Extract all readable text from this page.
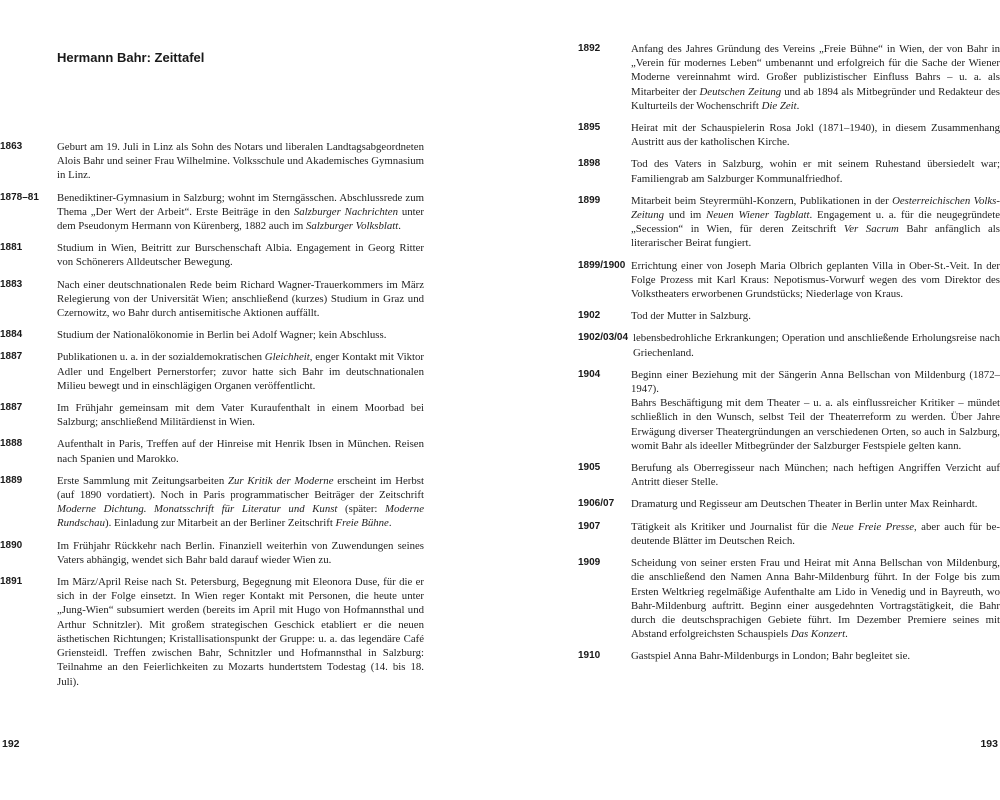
Hermann Bahr: Zeittafel
1863	Geburt am 19. Juli in Linz als Sohn des Notars und liberalen Landtagsabgeordneten Alois Bahr und seiner Frau Wilhelmine. Volksschule und Akademisches Gymnasium in Linz.
1878–81	Benediktiner-Gymnasium in Salzburg; wohnt im Sterngässchen. Abschlussrede zum Thema „Der Wert der Arbeit“. Erste Beiträge in den Salzburger Nachrichten unter dem Pseudonym Hermann von Kürenberg, 1882 auch im Salzburger Volksblatt.
1881	Studium in Wien, Beitritt zur Burschenschaft Albia. Engagement in Georg Ritter von Schönerers Alldeutscher Bewegung.
1883	Nach einer deutschnationalen Rede beim Richard Wagner-Trauerkommers im März Relegierung von der Universität Wien; anschließend (kurzes) Studium in Graz und Czernowitz, wo Bahr durch antisemitische Aktionen auffällt.
1884	Studium der Nationalökonomie in Berlin bei Adolf Wagner; kein Abschluss.
1887	Publikationen u. a. in der sozialdemokratischen Gleichheit, enger Kontakt mit Viktor Adler und Engelbert Pernerstorfer; zuvor hatte sich Bahr im deutschnationalen Milieu bewegt und in einschlägigen Organen veröffentlicht.
1887	Im Frühjahr gemeinsam mit dem Vater Kuraufenthalt in einem Moorbad bei Salzburg; anschließend Militärdienst in Wien.
1888	Aufenthalt in Paris, Treffen auf der Hinreise mit Henrik Ibsen in München. Reisen nach Spanien und Marokko.
1889	Erste Sammlung mit Zeitungsarbeiten Zur Kritik der Moderne erscheint im Herbst (auf 1890 vordatiert). Noch in Paris programmatischer Beiträger der Zeitschrift Moderne Dichtung. Monatsschrift für Literatur und Kunst (später: Moderne Rundschau). Einladung zur Mitarbeit an der Berliner Zeitschrift Freie Bühne.
1890	Im Frühjahr Rückkehr nach Berlin. Finanziell weiterhin von Zuwendungen seines Vaters abhängig, wendet sich Bahr bald darauf wieder Wien zu.
1891	Im März/April Reise nach St. Petersburg, Begegnung mit Eleonora Duse, für die er sich in der Folge einsetzt. In Wien reger Kontakt mit Personen, die heute unter „Jung-Wien“ subsumiert werden (bereits im April mit Hugo von Hofmannsthal und Arthur Schnitzler). Mit großem strategischen Geschick etabliert er die neuen ästhetischen Richtungen; Kristallisationspunkt der Gruppe: u. a. das legendäre Café Griensteidl. Treffen zwischen Bahr, Schnitzler und Hofmannsthal in Salzburg: Teilnahme an den Feierlichkeiten zu Mozarts hundertstem Todestag (14. bis 18. Juli).
192
1892	Anfang des Jahres Gründung des Vereins „Freie Bühne“ in Wien, der von Bahr in „Verein für modernes Leben“ umbenannt und erfolgreich für die Sache der Wiener Moderne vereinnahmt wird. Großer publizistischer Einfluss Bahrs – u. a. als Mitarbeiter der Deutschen Zeitung und ab 1894 als Mitbegründer und Redakteur des Kulturteils der Wochenschrift Die Zeit.

1895	Heirat mit der Schauspielerin Rosa Jokl (1871–1940), in diesem Zusammenhang Austritt aus der katholischen Kirche.

1898	Tod des Vaters in Salzburg, wohin er mit seinem Ruhestand übersiedelt war; Familiengrab am Salzburger Kommunalfriedhof.

1899	Mitarbeit beim Steyrermühl-Konzern, Publikationen in der Oesterreichischen Volks-Zeitung und im Neuen Wiener Tagblatt. Engagement u. a. für die neugegründete „Secession“ in Wien, für deren Zeitschrift Ver Sacrum Bahr anfänglich als literarischer Beirat fungiert.

1899/1900 Errichtung einer von Joseph Maria Olbrich geplanten Villa in Ober-St.-Veit. In der Folge Prozess mit Karl Kraus: Nepotismus-Vorwurf wegen des vom Direktor des Volkstheaters erworbenen Grundstücks; Niederlage von Kraus.

1902	Tod der Mutter in Salzburg.

1902/03/04 lebensbedrohliche Erkrankungen; Operation und anschließende Erholungsreise nach Griechenland.

1904	Beginn einer Beziehung mit der Sängerin Anna Bellschan von Mildenburg (1872–1947).

Bahrs Beschäftigung mit dem Theater – u. a. als einflussreicher Kritiker – mündet schließlich in den Wunsch, selbst Teil der Theaterreform zu werden. Über Jahre Erwägung diverser Theatergründungen an verschiedenen Orten, so auch in Salzburg, womit Bahr als ideeller Mitbegründer der Salzburger Festspiele gelten kann.

1905	Berufung als Oberregisseur nach München; nach heftigen Angriffen Verzicht auf Antritt dieser Stelle.

1906/07	Dramaturg und Regisseur am Deutschen Theater in Berlin unter Max Reinhardt.

1907	Tätigkeit als Kritiker und Journalist für die Neue Freie Presse, aber auch für bedeutende Blätter im Deutschen Reich.

1909	Scheidung von seiner ersten Frau und Heirat mit Anna Bellschan von Mildenburg, die anschließend den Namen Anna Bahr-Mildenburg führt. In der Folge bis zum Ersten Weltkrieg regelmäßige Aufenthalte am Lido in Venedig und in Bayreuth, wo Bahr-Mildenburg auftritt. Beginn einer ausgedehnten Vortragstätigkeit, die Bahr durch die deutschsprachigen Gebiete führt. Im Dezember Premiere seines mit Abstand erfolgreichsten Schauspiels Das Konzert.

1910	Gastspiel Anna Bahr-Mildenburgs in London; Bahr begleitet sie.

193
